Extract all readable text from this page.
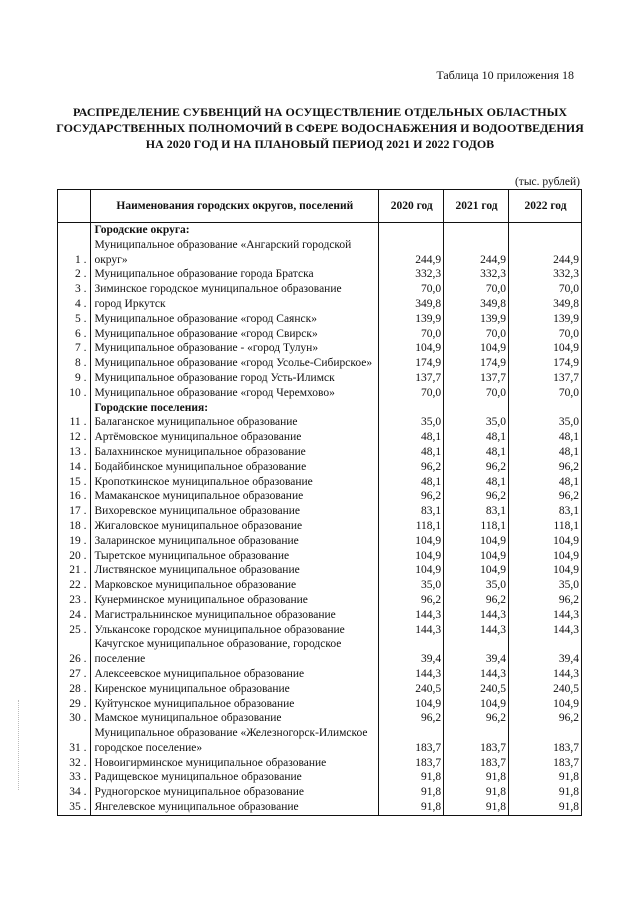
Таблица 10 приложения 18
РАСПРЕДЕЛЕНИЕ СУБВЕНЦИЙ НА ОСУЩЕСТВЛЕНИЕ ОТДЕЛЬНЫХ ОБЛАСТНЫХ
ГОСУДАРСТВЕННЫХ ПОЛНОМОЧИЙ В СФЕРЕ ВОДОСНАБЖЕНИЯ И ВОДООТВЕДЕНИЯ
НА 2020 ГОД И НА ПЛАНОВЫЙ ПЕРИОД 2021 И 2022 ГОДОВ
(тыс. рублей)
	Наименования городских округов, поселений	2020 год	2021 год	2022 год
	Городские округа:			
1 .	Муниципальное образование «Ангарский городской округ»	244,9	244,9	244,9
2 .	Муниципальное образование города Братска	332,3	332,3	332,3
3 .	Зиминское городское муниципальное образование	70,0	70,0	70,0
4 .	город Иркутск	349,8	349,8	349,8
5 .	Муниципальное образование «город Саянск»	139,9	139,9	139,9
6 .	Муниципальное образование «город Свирск»	70,0	70,0	70,0
7 .	Муниципальное образование - «город Тулун»	104,9	104,9	104,9
8 .	Муниципальное образование «город Усолье-Сибирское»	174,9	174,9	174,9
9 .	Муниципальное образование город Усть-Илимск	137,7	137,7	137,7
10 .	Муниципальное образование «город Черемхово»	70,0	70,0	70,0
	Городские поселения:			
11 .	Балаганское муниципальное образование	35,0	35,0	35,0
12 .	Артёмовское муниципальное образование	48,1	48,1	48,1
13 .	Балахнинское муниципальное образование	48,1	48,1	48,1
14 .	Бодайбинское муниципальное образование	96,2	96,2	96,2
15 .	Кропоткинское муниципальное образование	48,1	48,1	48,1
16 .	Мамаканское муниципальное образование	96,2	96,2	96,2
17 .	Вихоревское муниципальное образование	83,1	83,1	83,1
18 .	Жигаловское муниципальное образование	118,1	118,1	118,1
19 .	Заларинское муниципальное образование	104,9	104,9	104,9
20 .	Тыретское муниципальное образование	104,9	104,9	104,9
21 .	Листвянское муниципальное образование	104,9	104,9	104,9
22 .	Марковское муниципальное образование	35,0	35,0	35,0
23 .	Кунерминское муниципальное образование	96,2	96,2	96,2
24 .	Магистральнинское муниципальное образование	144,3	144,3	144,3
25 .	Улькансоке городское муниципальное образование	144,3	144,3	144,3
26 .	Качугское муниципальное образование, городское поселение	39,4	39,4	39,4
27 .	Алексеевское муниципальное образование	144,3	144,3	144,3
28 .	Киренское муниципальное образование	240,5	240,5	240,5
29 .	Куйтунское муниципальное образование	104,9	104,9	104,9
30 .	Мамское муниципальное образование	96,2	96,2	96,2
31 .	Муниципальное образование «Железногорск-Илимское городское поселение»	183,7	183,7	183,7
32 .	Новоигирминское муниципальное образование	183,7	183,7	183,7
33 .	Радищевское муниципальное образование	91,8	91,8	91,8
34 .	Рудногорское муниципальное образование	91,8	91,8	91,8
35 .	Янгелевское муниципальное образование	91,8	91,8	91,8
